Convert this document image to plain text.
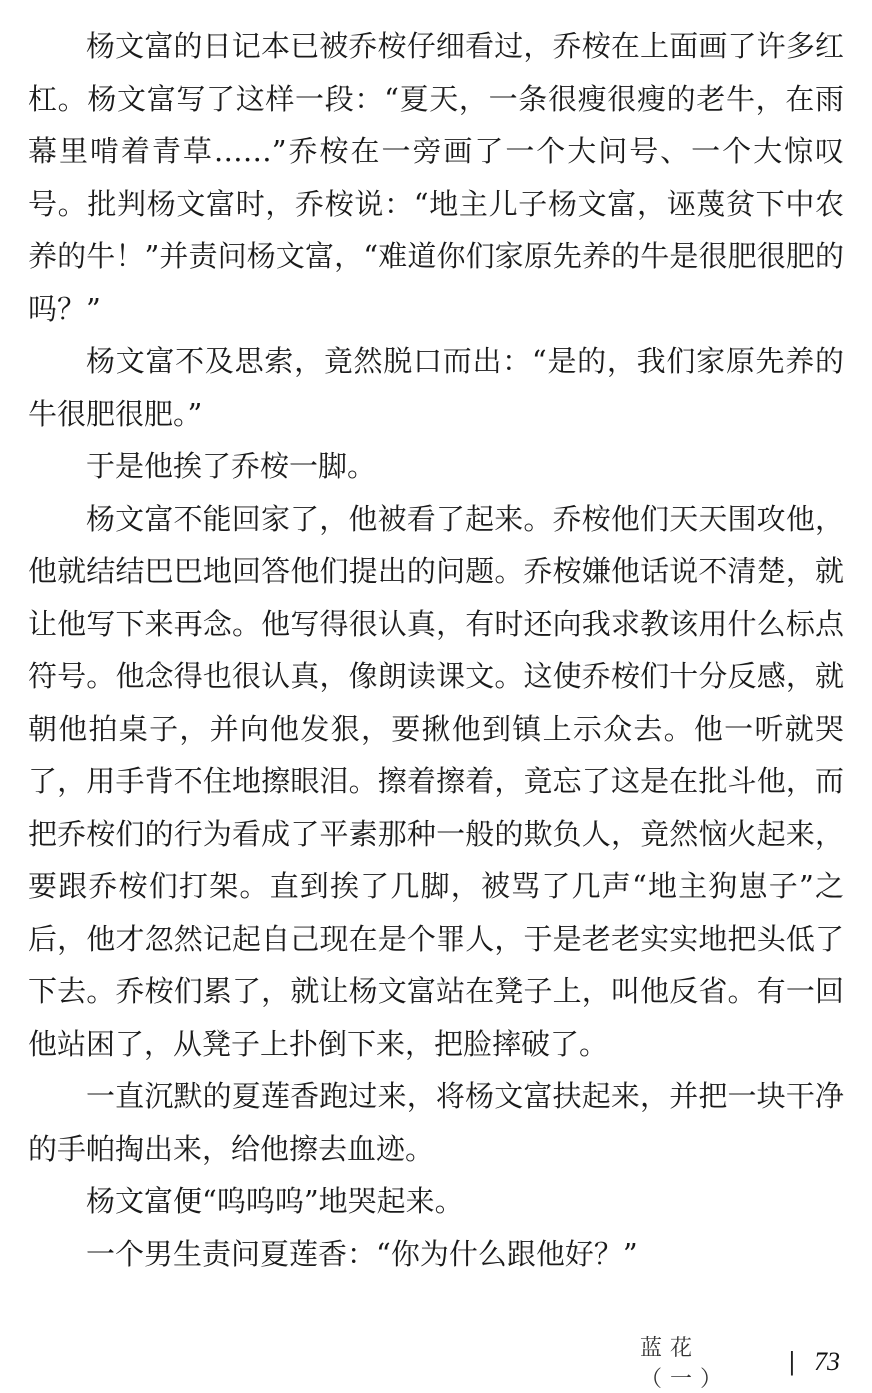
杨文富的日记本已被乔桉仔细看过，乔桉在上面画了许多红杠。杨文富写了这样一段：“夏天，一条很瘦很瘦的老牛，在雨幕里啃着青草……”乔桉在一旁画了一个大问号、一个大惊叹号。批判杨文富时，乔桉说：“地主儿子杨文富，诬蔑贫下中农养的牛！”并责问杨文富，“难道你们家原先养的牛是很肥很肥的吗？”

杨文富不及思索，竟然脱口而出：“是的，我们家原先养的牛很肥很肥。”

于是他挨了乔桉一脚。

杨文富不能回家了，他被看了起来。乔桉他们天天围攻他，他就结结巴巴地回答他们提出的问题。乔桉嫌他话说不清楚，就让他写下来再念。他写得很认真，有时还向我求教该用什么标点符号。他念得也很认真，像朗读课文。这使乔桉们十分反感，就朝他拍桌子，并向他发狠，要揪他到镇上示众去。他一听就哭了，用手背不住地擦眼泪。擦着擦着，竟忘了这是在批斗他，而把乔桉们的行为看成了平素那种一般的欺负人，竟然恼火起来，要跟乔桉们打架。直到挨了几脚，被骂了几声“地主狗崽子”之后，他才忽然记起自己现在是个罪人，于是老老实实地把头低了下去。乔桉们累了，就让杨文富站在凳子上，叫他反省。有一回他站困了，从凳子上扑倒下来，把脸摔破了。

一直沉默的夏莲香跑过来，将杨文富扶起来，并把一块干净的手帕掏出来，给他擦去血迹。

杨文富便“呜呜呜”地哭起来。

一个男生责问夏莲香：“你为什么跟他好？”

蓝花（一）
| 73
